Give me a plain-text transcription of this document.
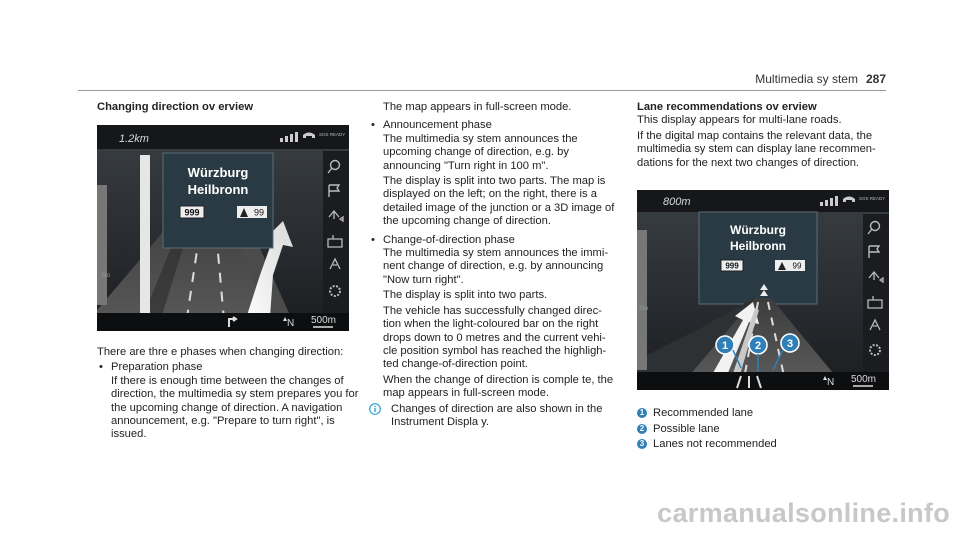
Multimedia sy stem 287
Changing direction ov erview
1.2km	SOS READY
Würzburg
Heilbronn
999	99
Sto
N 500m

There are thre e phases when changing direction:

• Preparation phase

If there is enough time between the changes of direction, the multimedia sy stem prepares you for the upcoming change of direction. A navigation announcement, e.g. "Prepare to turn right", is issued.

The map appears in full-screen mode.

• Announcement phase

The multimedia sy stem announces the upcoming change of direction, e.g. by announcing "Turn right in 100 m".

The display is split into two parts. The map is displayed on the left; on the right, there is a detailed image of the junction or a 3D image of the upcoming change of direction.

• Change-of-direction phase

The multimedia sy stem announces the immi- nent change of direction, e.g. by announcing "Now turn right".

The display is split into two parts.

The vehicle has successfully changed direc- tion when the light-coloured bar on the right drops down to 0 metres and the current vehi- cle position symbol has reached the highligh- ted change-of-direction point.

When the change of direction is comple te, the map appears in full-screen mode.

Changes of direction are also shown in the Instrument Displa y.
Lane recommendations ov erview

This display appears for multi-lane roads.

If the digital map contains the relevant data, the multimedia sy stem can display lane recommen- dations for the next two changes of direction.

800m	SOS READY
Würzburg
Heilbronn
999	99
Sto
1 2 3
N 500m
1 Recommended lane
2 Possible lane
3 Lanes not recommended
carmanualsonline.info
